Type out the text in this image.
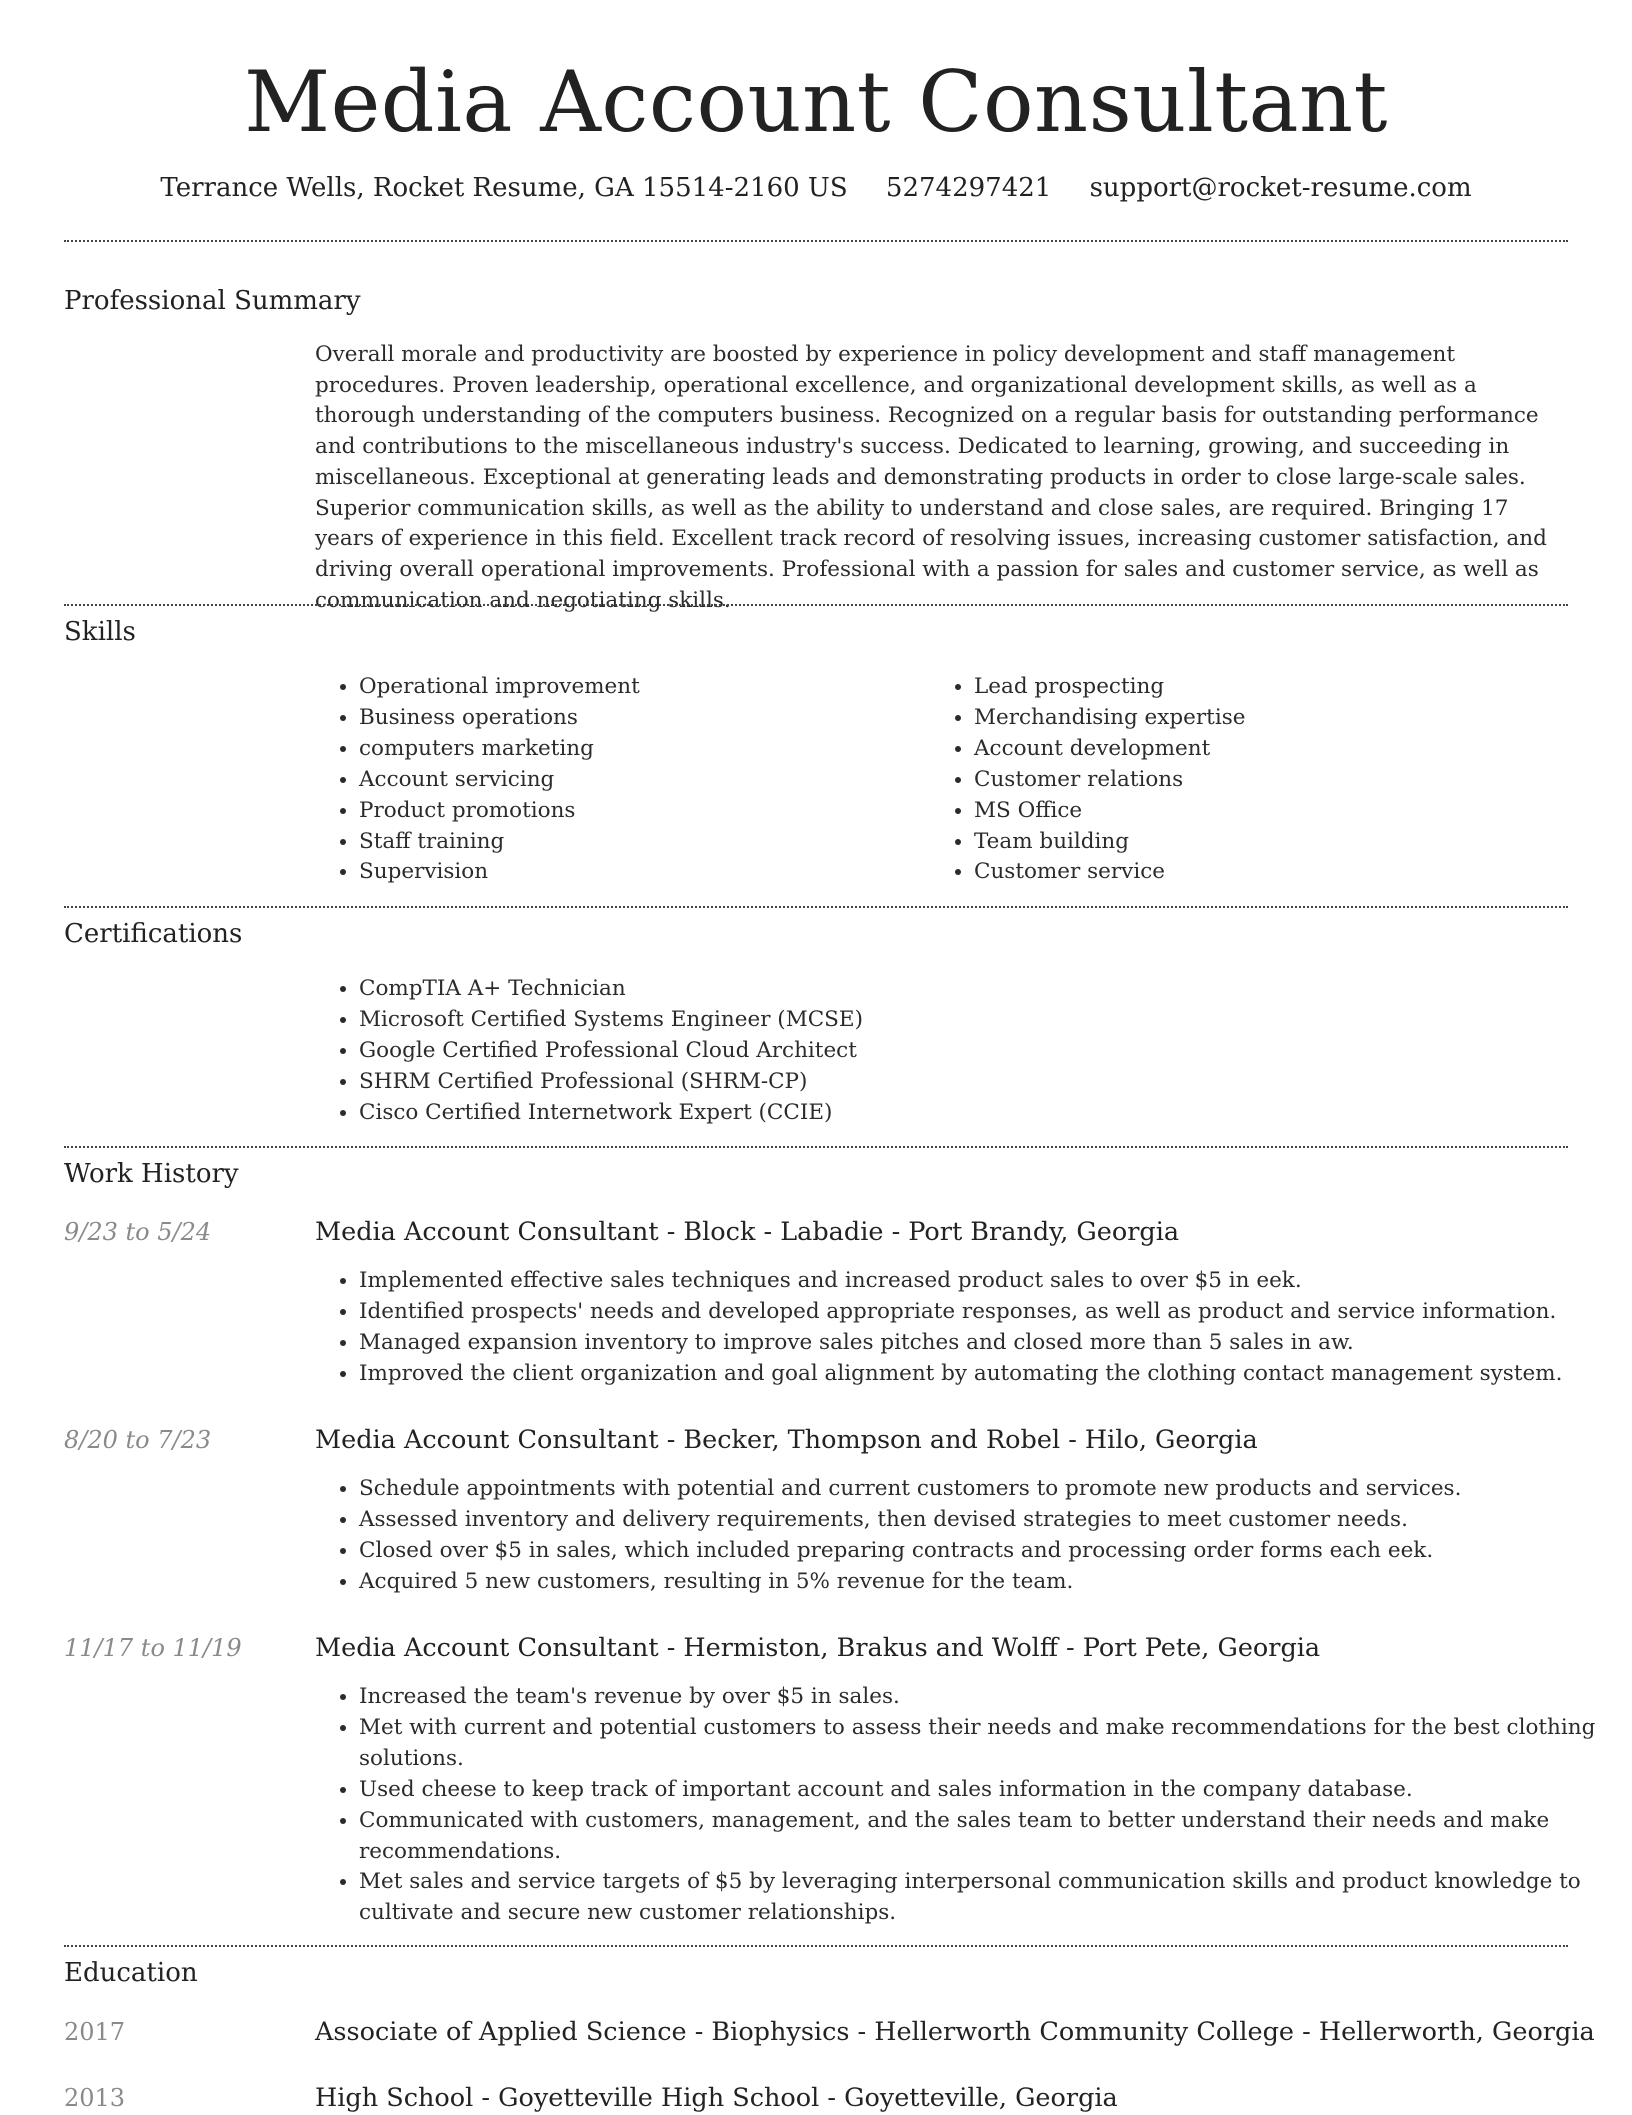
Media Account Consultant
Terrance Wells, Rocket Resume, GA 15514-2160 US 5274297421 support@rocket-resume.com
Professional Summary

Overall morale and productivity are boosted by experience in policy development and staff management procedures. Proven leadership, operational excellence, and organizational development skills, as well as a thorough understanding of the computers business. Recognized on a regular basis for outstanding performance and contributions to the miscellaneous industry's success. Dedicated to learning, growing, and succeeding in miscellaneous. Exceptional at generating leads and demonstrating products in order to close large-scale sales. Superior communication skills, as well as the ability to understand and close sales, are required. Bringing 17 years of experience in this field. Excellent track record of resolving issues, increasing customer satisfaction, and driving overall operational improvements. Professional with a passion for sales and customer service, as well as communication and negotiating skills.

Skills
• Operational improvement
• Business operations
• computers marketing
• Account servicing
• Product promotions
• Staff training
• Supervision
• Lead prospecting
• Merchandising expertise
• Account development
• Customer relations
• MS Office
• Team building
• Customer service
Certifications
• CompTIA A+ Technician
• Microsoft Certified Systems Engineer (MCSE)
• Google Certified Professional Cloud Architect
• SHRM Certified Professional (SHRM-CP)
• Cisco Certified Internetwork Expert (CCIE)
Work History
9/23 to 5/24	Media Account Consultant - Block - Labadie - Port Brandy, Georgia
• Implemented effective sales techniques and increased product sales to over $5 in eek.
• Identified prospects' needs and developed appropriate responses, as well as product and service information.
• Managed expansion inventory to improve sales pitches and closed more than 5 sales in aw.
• Improved the client organization and goal alignment by automating the clothing contact management system.
8/20 to 7/23	Media Account Consultant - Becker, Thompson and Robel - Hilo, Georgia
• Schedule appointments with potential and current customers to promote new products and services.
• Assessed inventory and delivery requirements, then devised strategies to meet customer needs.
• Closed over $5 in sales, which included preparing contracts and processing order forms each eek.
• Acquired 5 new customers, resulting in 5% revenue for the team.
11/17 to 11/19	Media Account Consultant - Hermiston, Brakus and Wolff - Port Pete, Georgia
• Increased the team's revenue by over $5 in sales.
• Met with current and potential customers to assess their needs and make recommendations for the best clothing solutions.
• Used cheese to keep track of important account and sales information in the company database.
• Communicated with customers, management, and the sales team to better understand their needs and make recommendations.
• Met sales and service targets of $5 by leveraging interpersonal communication skills and product knowledge to cultivate and secure new customer relationships.
Education
2017	Associate of Applied Science - Biophysics - Hellerworth Community College - Hellerworth, Georgia
2013	High School - Goyetteville High School - Goyetteville, Georgia
